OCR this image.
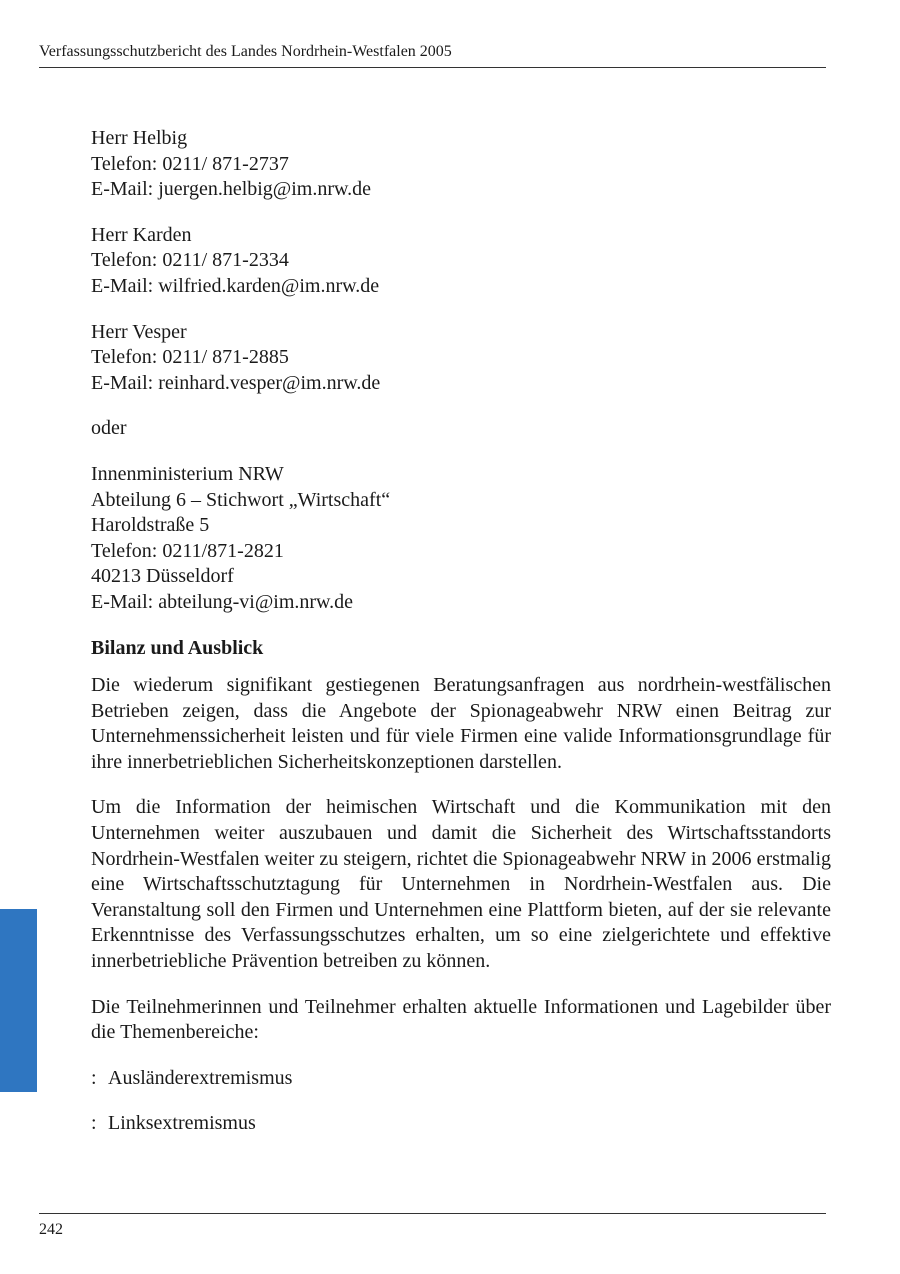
Verfassungsschutzbericht des Landes Nordrhein-Westfalen 2005
Herr Helbig
Telefon: 0211/ 871-2737
E-Mail: juergen.helbig@im.nrw.de
Herr Karden
Telefon: 0211/ 871-2334
E-Mail: wilfried.karden@im.nrw.de
Herr Vesper
Telefon: 0211/ 871-2885
E-Mail: reinhard.vesper@im.nrw.de
oder
Innenministerium NRW
Abteilung 6 – Stichwort „Wirtschaft“
Haroldstraße 5
Telefon: 0211/871-2821
40213 Düsseldorf
E-Mail: abteilung-vi@im.nrw.de
Bilanz und Ausblick

Die wiederum signifikant gestiegenen Beratungsanfragen aus nordrhein-westfälischen Betrieben zeigen, dass die Angebote der Spionageabwehr NRW einen Beitrag zur Unternehmenssicherheit leisten und für viele Firmen eine valide Informationsgrundlage für ihre innerbetrieblichen Sicherheitskonzeptionen darstellen.

Um die Information der heimischen Wirtschaft und die Kommunikation mit den Unternehmen weiter auszubauen und damit die Sicherheit des Wirtschaftsstandorts Nordrhein-Westfalen weiter zu steigern, richtet die Spionageabwehr NRW in 2006 erstmalig eine Wirtschaftsschutztagung für Unternehmen in Nordrhein-Westfalen aus. Die Veranstaltung soll den Firmen und Unternehmen eine Plattform bieten, auf der sie relevante Erkenntnisse des Verfassungsschutzes erhalten, um so eine zielgerichtete und effektive innerbetriebliche Prävention betreiben zu können.

Die Teilnehmerinnen und Teilnehmer erhalten aktuelle Informationen und Lagebilder über die Themenbereiche:

: Ausländerextremismus
: Linksextremismus
242
